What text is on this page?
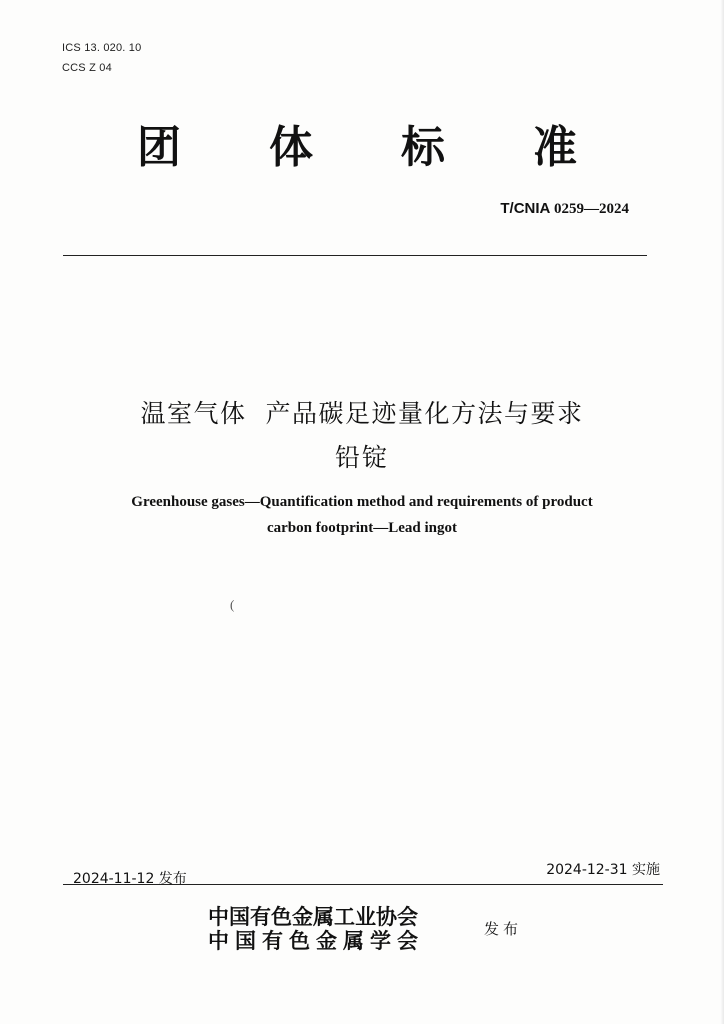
ICS 13. 020. 10
CCS Z 04
团 体 标 准
T/CNIA 0259—2024
温室气体  产品碳足迹量化方法与要求
铅锭
Greenhouse gases—Quantification method and requirements of product
carbon footprint—Lead ingot
(
2024-11-12 发布
2024-12-31 实施
中国有色金属工业协会
中国有色金属学会	发布
